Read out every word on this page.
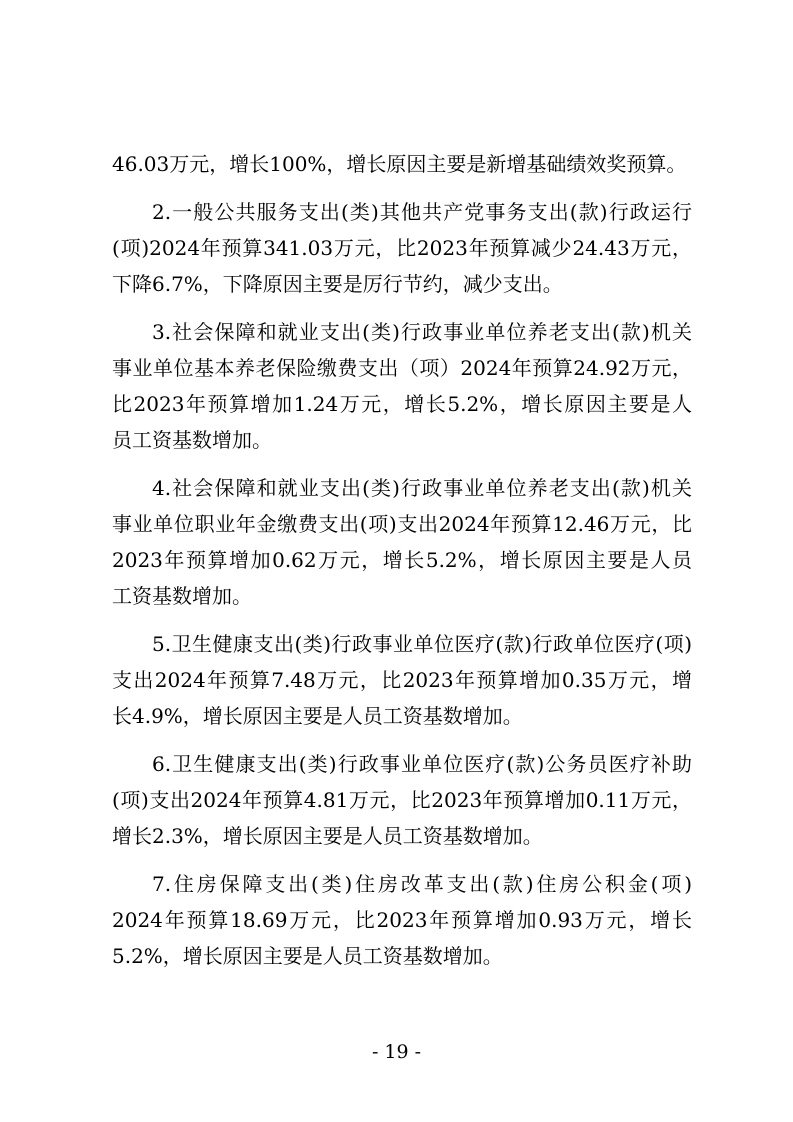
46.03万元，增长100%，增长原因主要是新增基础绩效奖预算。
2.一般公共服务支出(类)其他共产党事务支出(款)行政运行
(项)2024年预算341.03万元，比2023年预算减少24.43万元，
下降6.7%，下降原因主要是厉行节约，减少支出。
3.社会保障和就业支出(类)行政事业单位养老支出(款)机关
事业单位基本养老保险缴费支出（项）2024年预算24.92万元，
比2023年预算增加1.24万元，增长5.2%，增长原因主要是人
员工资基数增加。
4.社会保障和就业支出(类)行政事业单位养老支出(款)机关
事业单位职业年金缴费支出(项)支出2024年预算12.46万元，比
2023年预算增加0.62万元，增长5.2%，增长原因主要是人员
工资基数增加。
5.卫生健康支出(类)行政事业单位医疗(款)行政单位医疗(项)
支出2024年预算7.48万元，比2023年预算增加0.35万元，增
长4.9%，增长原因主要是人员工资基数增加。
6.卫生健康支出(类)行政事业单位医疗(款)公务员医疗补助
(项)支出2024年预算4.81万元，比2023年预算增加0.11万元，
增长2.3%，增长原因主要是人员工资基数增加。
7.住房保障支出(类)住房改革支出(款)住房公积金(项)
2024年预算18.69万元，比2023年预算增加0.93万元，增长
5.2%，增长原因主要是人员工资基数增加。
- 19 -
